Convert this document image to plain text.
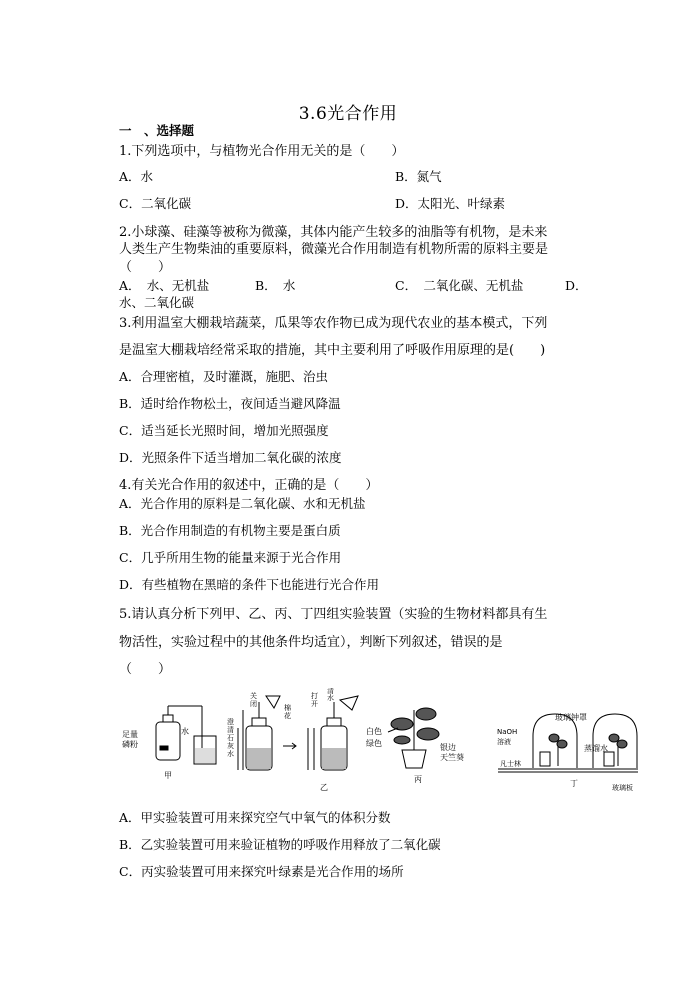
3.6光合作用
一　、选择题
1.下列选项中，与植物光合作用无关的是（　　）
A．水	B．氮气
C．二氧化碳	D．太阳光、叶绿素
2.小球藻、硅藻等被称为微藻，其体内能产生较多的油脂等有机物，是未来
人类生产生物柴油的重要原料，微藻光合作用制造有机物所需的原料主要是
（　　）
A．　水、无机盐	B．　水	C．　二氧化碳、无机盐	D．
水、二氧化碳
3.利用温室大棚栽培蔬菜，瓜果等农作物已成为现代农业的基本模式，下列
是温室大棚栽培经常采取的措施，其中主要利用了呼吸作用原理的是(　　)
A．合理密植，及时灌溉，施肥、治虫
B．适时给作物松土，夜间适当避风降温
C．适当延长光照时间，增加光照强度
D．光照条件下适当增加二氧化碳的浓度
4.有关光合作用的叙述中，正确的是（　　）
A．光合作用的原料是二氧化碳、水和无机盐
B．光合作用制造的有机物主要是蛋白质
C．几乎所用生物的能量来源于光合作用
D．有些植物在黑暗的条件下也能进行光合作用
5.请认真分析下列甲、乙、丙、丁四组实验装置（实验的生物材料都具有生
物活性，实验过程中的其他条件均适宜），判断下列叙述，错误的是
（　　）
足量
磷粉
水
甲
关
闭	棉
花
澄
清
石
灰
水
打
开
清
水
乙
白色
绿色	银边
天竺葵
丙
玻璃钟罩
NaOH
溶液
蒸馏水
凡士林
玻璃板
丁
A．甲实验装置可用来探究空气中氧气的体积分数
B．乙实验装置可用来验证植物的呼吸作用释放了二氧化碳
C．丙实验装置可用来探究叶绿素是光合作用的场所
